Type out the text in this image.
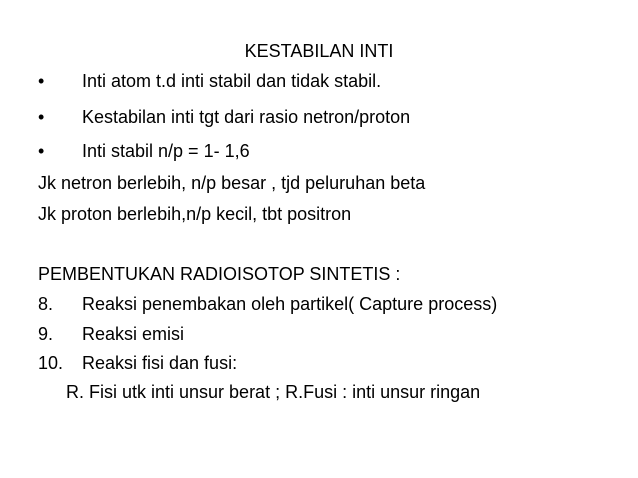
KESTABILAN INTI
• Inti atom t.d inti stabil dan tidak stabil.
• Kestabilan inti tgt dari rasio netron/proton
• Inti stabil n/p = 1- 1,6
Jk netron berlebih, n/p besar , tjd peluruhan beta
Jk proton berlebih,n/p kecil, tbt positron
PEMBENTUKAN RADIOISOTOP SINTETIS :
8. Reaksi penembakan oleh partikel( Capture process)
9. Reaksi emisi
10. Reaksi fisi dan fusi:
R. Fisi utk inti unsur berat ; R.Fusi : inti unsur ringan
